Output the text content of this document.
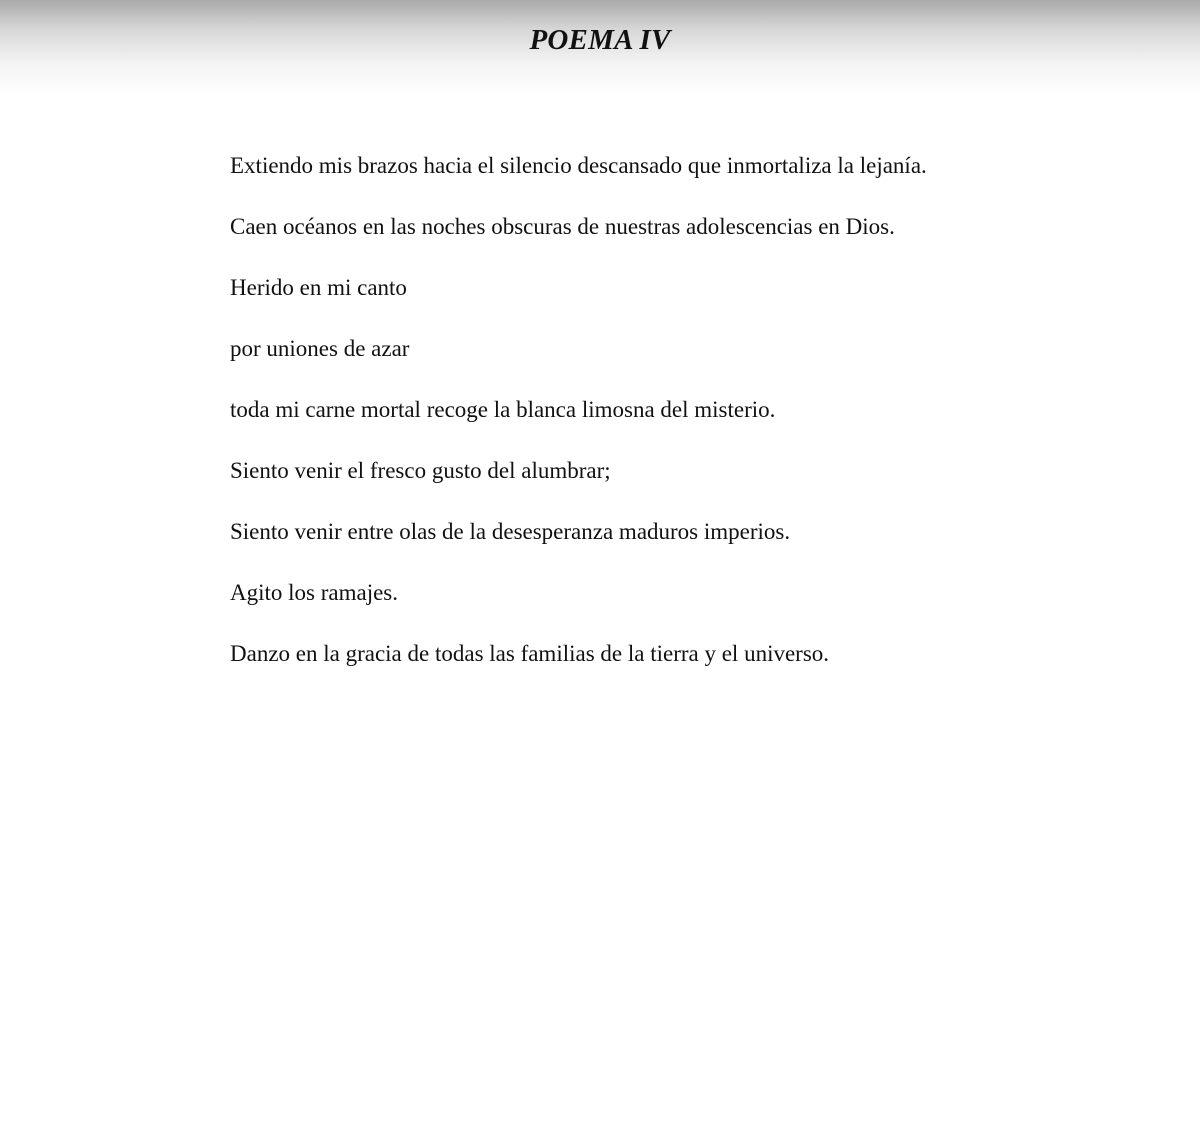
POEMA IV
Extiendo mis brazos hacia el silencio descansado que inmortaliza la lejanía.
Caen océanos en las noches obscuras de nuestras adolescencias en Dios.
Herido en mi canto
por uniones de azar
toda mi carne mortal recoge la blanca limosna del misterio.
Siento venir el fresco gusto del alumbrar;
Siento venir entre olas de la desesperanza maduros imperios.
Agito los ramajes.
Danzo en la gracia de todas las familias de la tierra y el universo.
